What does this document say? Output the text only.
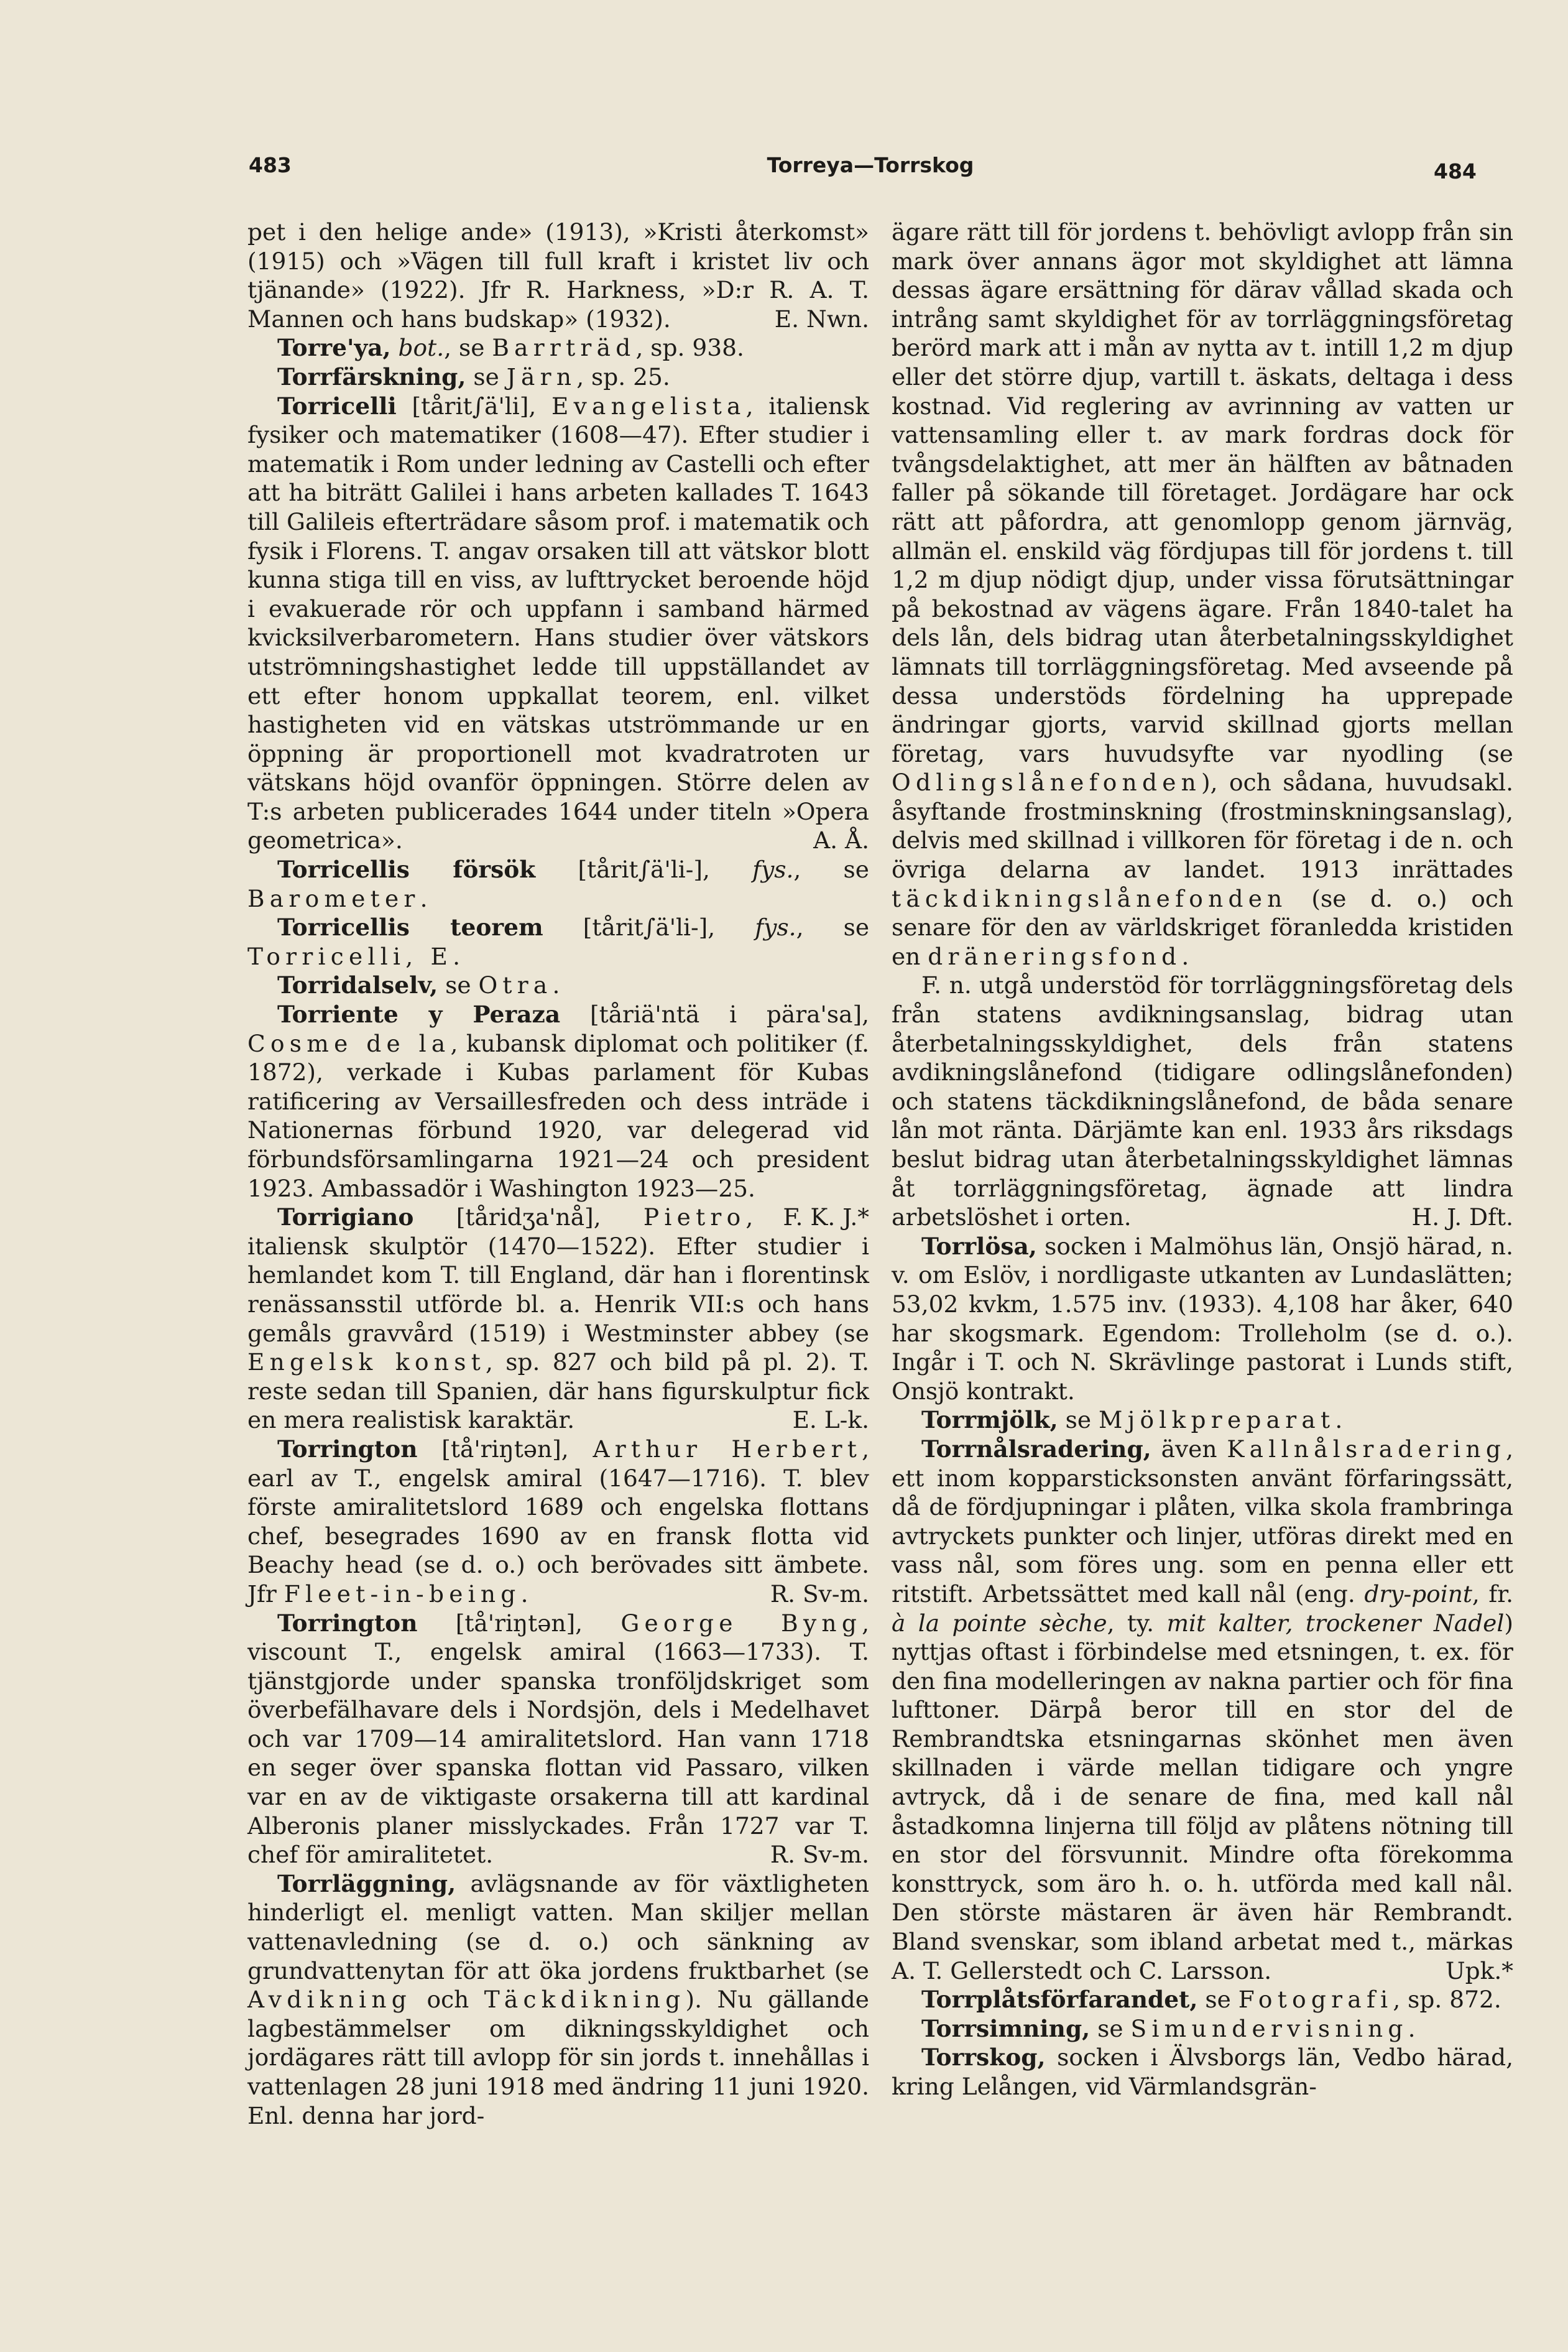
483	Torreya—Torrskog	484

pet i den helige ande» (1913), »Kristi återkomst» (1915) och »Vägen till full kraft i kristet liv och tjänande» (1922). Jfr R. Harkness, »D:r R. A. T. Mannen och hans budskap» (1932).	E. Nwn.

Torre'ya, bot., se Barrträd, sp. 938.

Torrfärskning, se Järn, sp. 25.

Torricelli [tårit∫ä'li], Evangelista, italiensk fysiker och matematiker (1608—47). Efter studier i matematik i Rom under ledning av Castelli och efter att ha biträtt Galilei i hans arbeten kallades T. 1643 till Galileis efterträdare såsom prof. i matematik och fysik i Florens. T. angav orsaken till att vätskor blott kunna stiga till en viss, av lufttrycket beroende höjd i evakuerade rör och uppfann i samband härmed kvicksilverbarometern. Hans studier över vätskors utströmningshastighet ledde till uppställandet av ett efter honom uppkallat teorem, enl. vilket hastigheten vid en vätskas utströmmande ur en öppning är proportionell mot kvadratroten ur vätskans höjd ovanför öppningen. Större delen av T:s arbeten publicerades 1644 under titeln »Opera geometrica».	A. Å.

Torricellis försök [tårit∫ä'li-], fys., se Barometer.

Torricellis teorem [tårit∫ä'li-], fys., se Torricelli, E.

Torridalselv, se Otra.

Torriente y Peraza [tåriä'ntä i pära'sa], Cosme de la, kubansk diplomat och politiker (f. 1872), verkade i Kubas parlament för Kubas ratificering av Versaillesfreden och dess inträde i Nationernas förbund 1920, var delegerad vid förbundsförsamlingarna 1921—24 och president 1923. Ambassadör i Washington 1923—25.
F. K. J.*

Torrigiano [tåridʒa'nå], Pietro, italiensk skulptör (1470—1522). Efter studier i hemlandet kom T. till England, där han i florentinsk renässansstil utförde bl. a. Henrik VII:s och hans gemåls gravvård (1519) i Westminster abbey (se Engelsk konst, sp. 827 och bild på pl. 2). T. reste sedan till Spanien, där hans figurskulptur fick en mera realistisk karaktär.	E. L-k.

Torrington [tå'riŋtən], Arthur Herbert, earl av T., engelsk amiral (1647—1716). T. blev förste amiralitetslord 1689 och engelska flottans chef, besegrades 1690 av en fransk flotta vid Beachy head (se d. o.) och berövades sitt ämbete. Jfr Fleet-in-being.	R. Sv-m.

Torrington [tå'riŋtən], George Byng, viscount T., engelsk amiral (1663—1733). T. tjänstgjorde under spanska tronföljdskriget som överbefälhavare dels i Nordsjön, dels i Medelhavet och var 1709—14 amiralitetslord. Han vann 1718 en seger över spanska flottan vid Passaro, vilken var en av de viktigaste orsakerna till att kardinal Alberonis planer misslyckades. Från 1727 var T. chef för amiralitetet.	R. Sv-m.

Torrläggning, avlägsnande av för växtligheten hinderligt el. menligt vatten. Man skiljer mellan vattenavledning (se d. o.) och sänkning av grundvattenytan för att öka jordens fruktbarhet (se Avdikning och Täckdikning). Nu gällande lagbestämmelser om dikningsskyldighet och jordägares rätt till avlopp för sin jords t. innehållas i vattenlagen 28 juni 1918 med ändring 11 juni 1920. Enl. denna har jord-

ägare rätt till för jordens t. behövligt avlopp från sin mark över annans ägor mot skyldighet att lämna dessas ägare ersättning för därav vållad skada och intrång samt skyldighet för av torrläggningsföretag berörd mark att i mån av nytta av t. intill 1,2 m djup eller det större djup, vartill t. äskats, deltaga i dess kostnad. Vid reglering av avrinning av vatten ur vattensamling eller t. av mark fordras dock för tvångsdelaktighet, att mer än hälften av båtnaden faller på sökande till företaget. Jordägare har ock rätt att påfordra, att genomlopp genom järnväg, allmän el. enskild väg fördjupas till för jordens t. till 1,2 m djup nödigt djup, under vissa förutsättningar på bekostnad av vägens ägare. Från 1840-talet ha dels lån, dels bidrag utan återbetalningsskyldighet lämnats till torrläggningsföretag. Med avseende på dessa understöds fördelning ha upprepade ändringar gjorts, varvid skillnad gjorts mellan företag, vars huvudsyfte var nyodling (se Odlingslånefonden), och sådana, huvudsakl. åsyftande frostminskning (frostminskningsanslag), delvis med skillnad i villkoren för företag i de n. och övriga delarna av landet. 1913 inrättades täckdikningslånefonden (se d. o.) och senare för den av världskriget föranledda kristiden en dräneringsfond.

F. n. utgå understöd för torrläggningsföretag dels från statens avdikningsanslag, bidrag utan återbetalningsskyldighet, dels från statens avdikningslånefond (tidigare odlingslånefonden) och statens täckdikningslånefond, de båda senare lån mot ränta. Därjämte kan enl. 1933 års riksdags beslut bidrag utan återbetalningsskyldighet lämnas åt torrläggningsföretag, ägnade att lindra arbetslöshet i orten.	H. J. Dft.

Torrlösa, socken i Malmöhus län, Onsjö härad, n. v. om Eslöv, i nordligaste utkanten av Lundaslätten; 53,02 kvkm, 1.575 inv. (1933). 4,108 har åker, 640 har skogsmark. Egendom: Trolleholm (se d. o.). Ingår i T. och N. Skrävlinge pastorat i Lunds stift, Onsjö kontrakt.

Torrmjölk, se Mjölkpreparat.

Torrnålsradering, även Kallnålsradering, ett inom kopparsticksonsten använt förfaringssätt, då de fördjupningar i plåten, vilka skola frambringa avtryckets punkter och linjer, utföras direkt med en vass nål, som föres ung. som en penna eller ett ritstift. Arbetssättet med kall nål (eng. dry-point, fr. à la pointe sèche, ty. mit kalter, trockener Nadel) nyttjas oftast i förbindelse med etsningen, t. ex. för den fina modelleringen av nakna partier och för fina lufttoner. Därpå beror till en stor del de Rembrandtska etsningarnas skönhet men även skillnaden i värde mellan tidigare och yngre avtryck, då i de senare de fina, med kall nål åstadkomna linjerna till följd av plåtens nötning till en stor del försvunnit. Mindre ofta förekomma konsttryck, som äro h. o. h. utförda med kall nål. Den störste mästaren är även här Rembrandt. Bland svenskar, som ibland arbetat med t., märkas A. T. Gellerstedt och C. Larsson.	Upk.*

Torrplåtsförfarandet, se Fotografi, sp. 872.

Torrsimning, se Simundervisning.

Torrskog, socken i Älvsborgs län, Vedbo härad, kring Lelången, vid Värmlandsgrän-
